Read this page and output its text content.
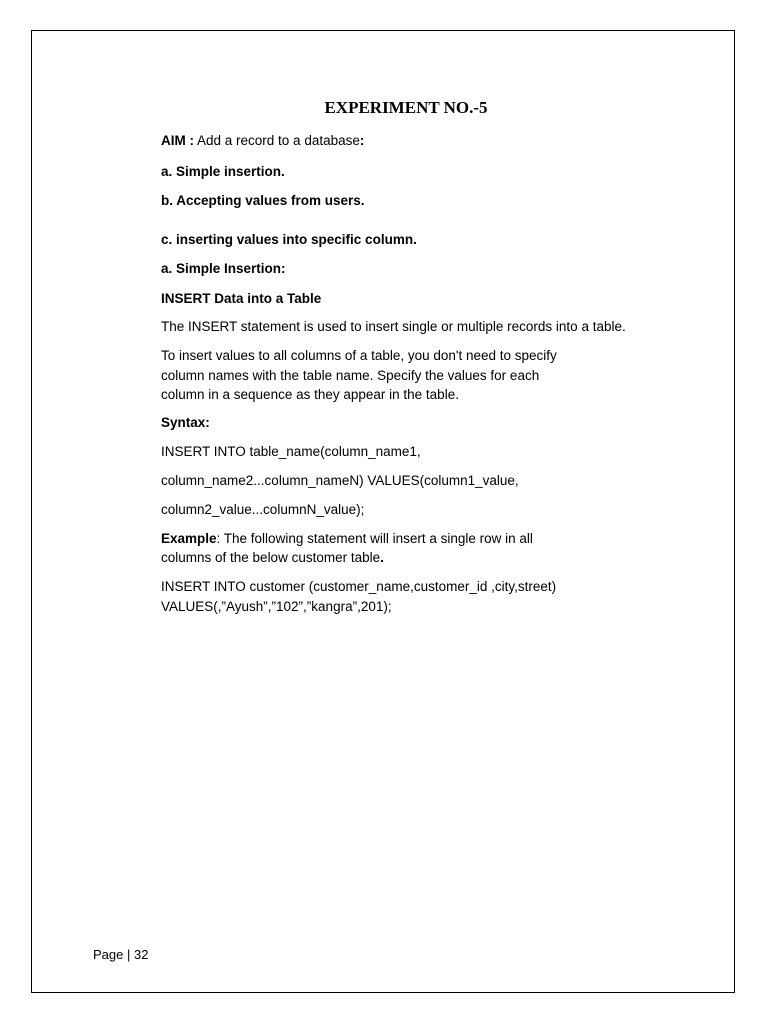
EXPERIMENT NO.-5
AIM : Add a record to a database:
a. Simple insertion.
b. Accepting values from users.
c. inserting values into specific column.
a. Simple Insertion:
INSERT Data into a Table
The INSERT statement is used to insert single or multiple records into a table.
To insert values to all columns of a table, you don't need to specify
column names with the table name. Specify the values for each
column in a sequence as they appear in the table.
Syntax:
INSERT INTO table_name(column_name1,
column_name2...column_nameN) VALUES(column1_value,
column2_value...columnN_value);
Example: The following statement will insert a single row in all
columns of the below customer table.
INSERT INTO customer (customer_name,customer_id ,city,street)
VALUES(,”Ayush”,”102”,”kangra”,201);
Page | 32
